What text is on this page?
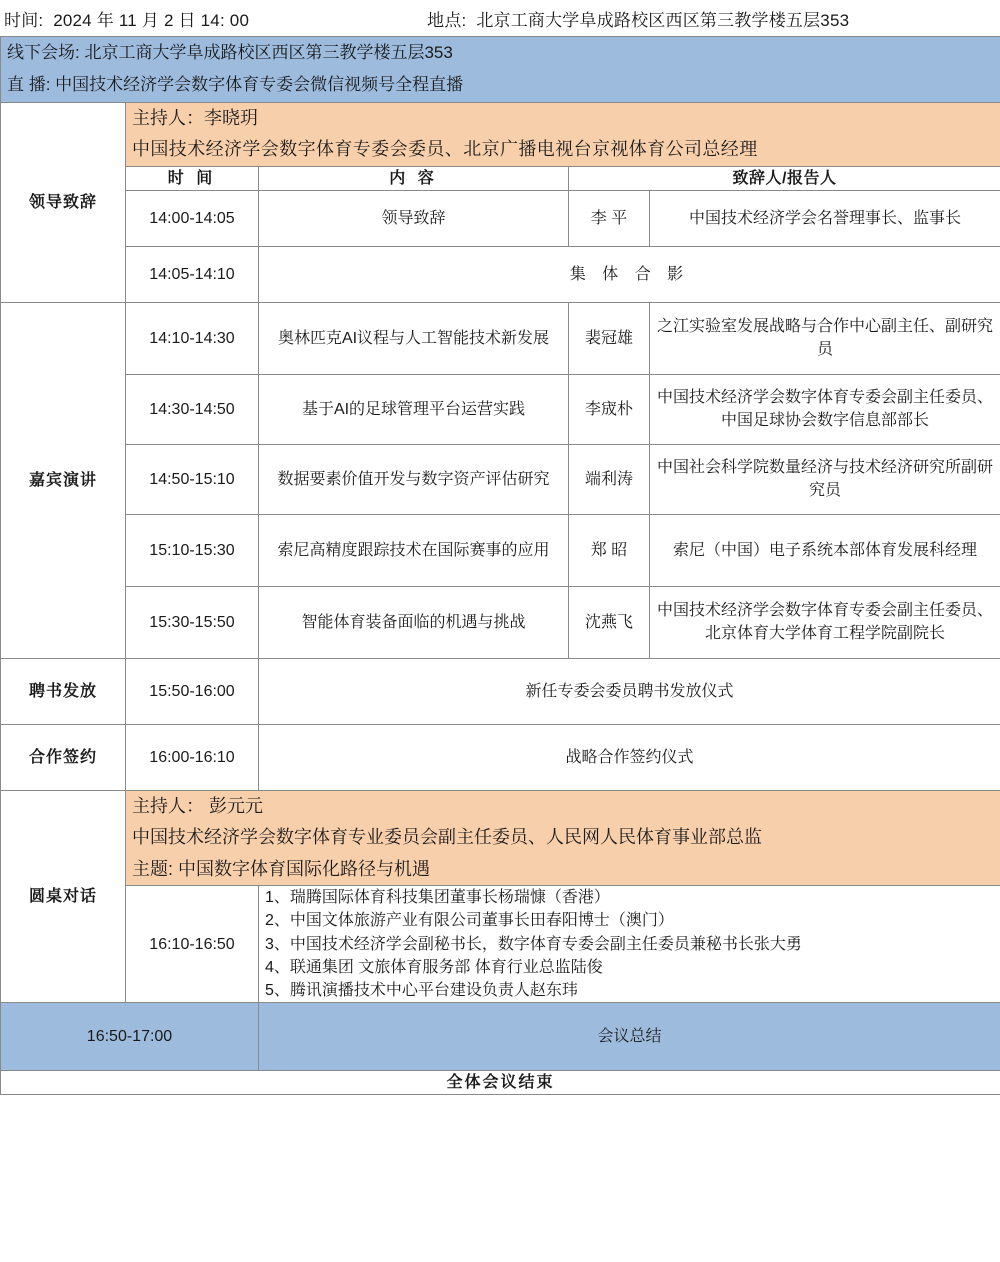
时间: 2024 年 11 月 2 日 14: 00	地点: 北京工商大学阜成路校区西区第三教学楼五层353
线下会场: 北京工商大学阜成路校区西区第三教学楼五层353
直 播: 中国技术经济学会数字体育专委会微信视频号全程直播				

领导致辞	主持人：李晓玥
中国技术经济学会数字体育专委会委员、北京广播电视台京视体育公司总经理			

	时 间	内 容	致辞人/报告人	
	14:00-14:05	领导致辞	李 平	中国技术经济学会名誉理事长、监事长
	14:05-14:10	集 体 合 影		
嘉宾演讲	14:10-14:30	奥林匹克AI议程与人工智能技术新发展	裴冠雄	之江实验室发展战略与合作中心副主任、副研究员
	14:30-14:50	基于AI的足球管理平台运营实践	李宬朴	中国技术经济学会数字体育专委会副主任委员、中国足球协会数字信息部部长
	14:50-15:10	数据要素价值开发与数字资产评估研究	端利涛	中国社会科学院数量经济与技术经济研究所副研究员
	15:10-15:30	索尼高精度跟踪技术在国际赛事的应用	郑 昭	索尼（中国）电子系统本部体育发展科经理
	15:30-15:50	智能体育装备面临的机遇与挑战	沈燕飞	中国技术经济学会数字体育专委会副主任委员、北京体育大学体育工程学院副院长
聘书发放	15:50-16:00	新任专委会委员聘书发放仪式		
合作签约	16:00-16:10	战略合作签约仪式		
圆桌对话	主持人： 彭元元
中国技术经济学会数字体育专业委员会副主任委员、人民网人民体育事业部总监
主题: 中国数字体育国际化路径与机遇			

	16:10-16:50	1、瑞腾国际体育科技集团董事长杨瑞慷（香港）
2、中国文体旅游产业有限公司董事长田春阳博士（澳门）
3、中国技术经济学会副秘书长，数字体育专委会副主任委员兼秘书长张大勇
4、联通集团 文旅体育服务部 体育行业总监陆俊
5、腾讯演播技术中心平台建设负责人赵东玮		

16:50-17:00		会议总结		
全体会议结束				
